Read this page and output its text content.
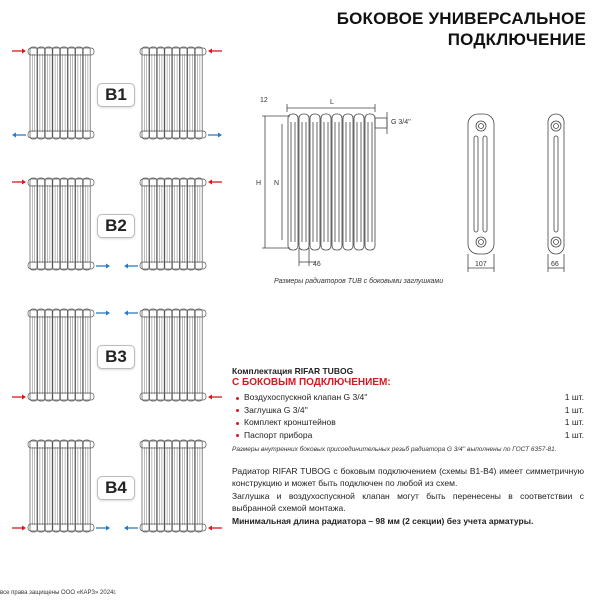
БОКОВОЕ УНИВЕРСАЛЬНОЕ
ПОДКЛЮЧЕНИЕ
B1
B2
B3
B4
12	L
G 3/4''
H N
46	107	66
Размеры радиаторов TUB с боковыми заглушками
Комплектация RIFAR TUBOG
С БОКОВЫМ ПОДКЛЮЧЕНИЕМ:
Воздухоспускной клапан G 3/4''	1 шт.
Заглушка G 3/4''	1 шт.
Комплект кронштейнов	1 шт.
Паспорт прибора	1 шт.
Размеры внутренних боковых присоединительных резьб радиатора G 3/4'' выполнены по ГОСТ 6357-81.

Радиатор RIFAR TUBOG с боковым подключением (схемы B1-B4) имеет симметричную конструкцию и может быть подключен по любой из схем.

Заглушка и воздухоспускной клапан могут быть перенесены в соответствии с выбранной схемой монтажа.

Минимальная длина радиатора – 98 мм (2 секции) без учета арматуры.

все права защищены ООО «КАРЗ» 2024г.
